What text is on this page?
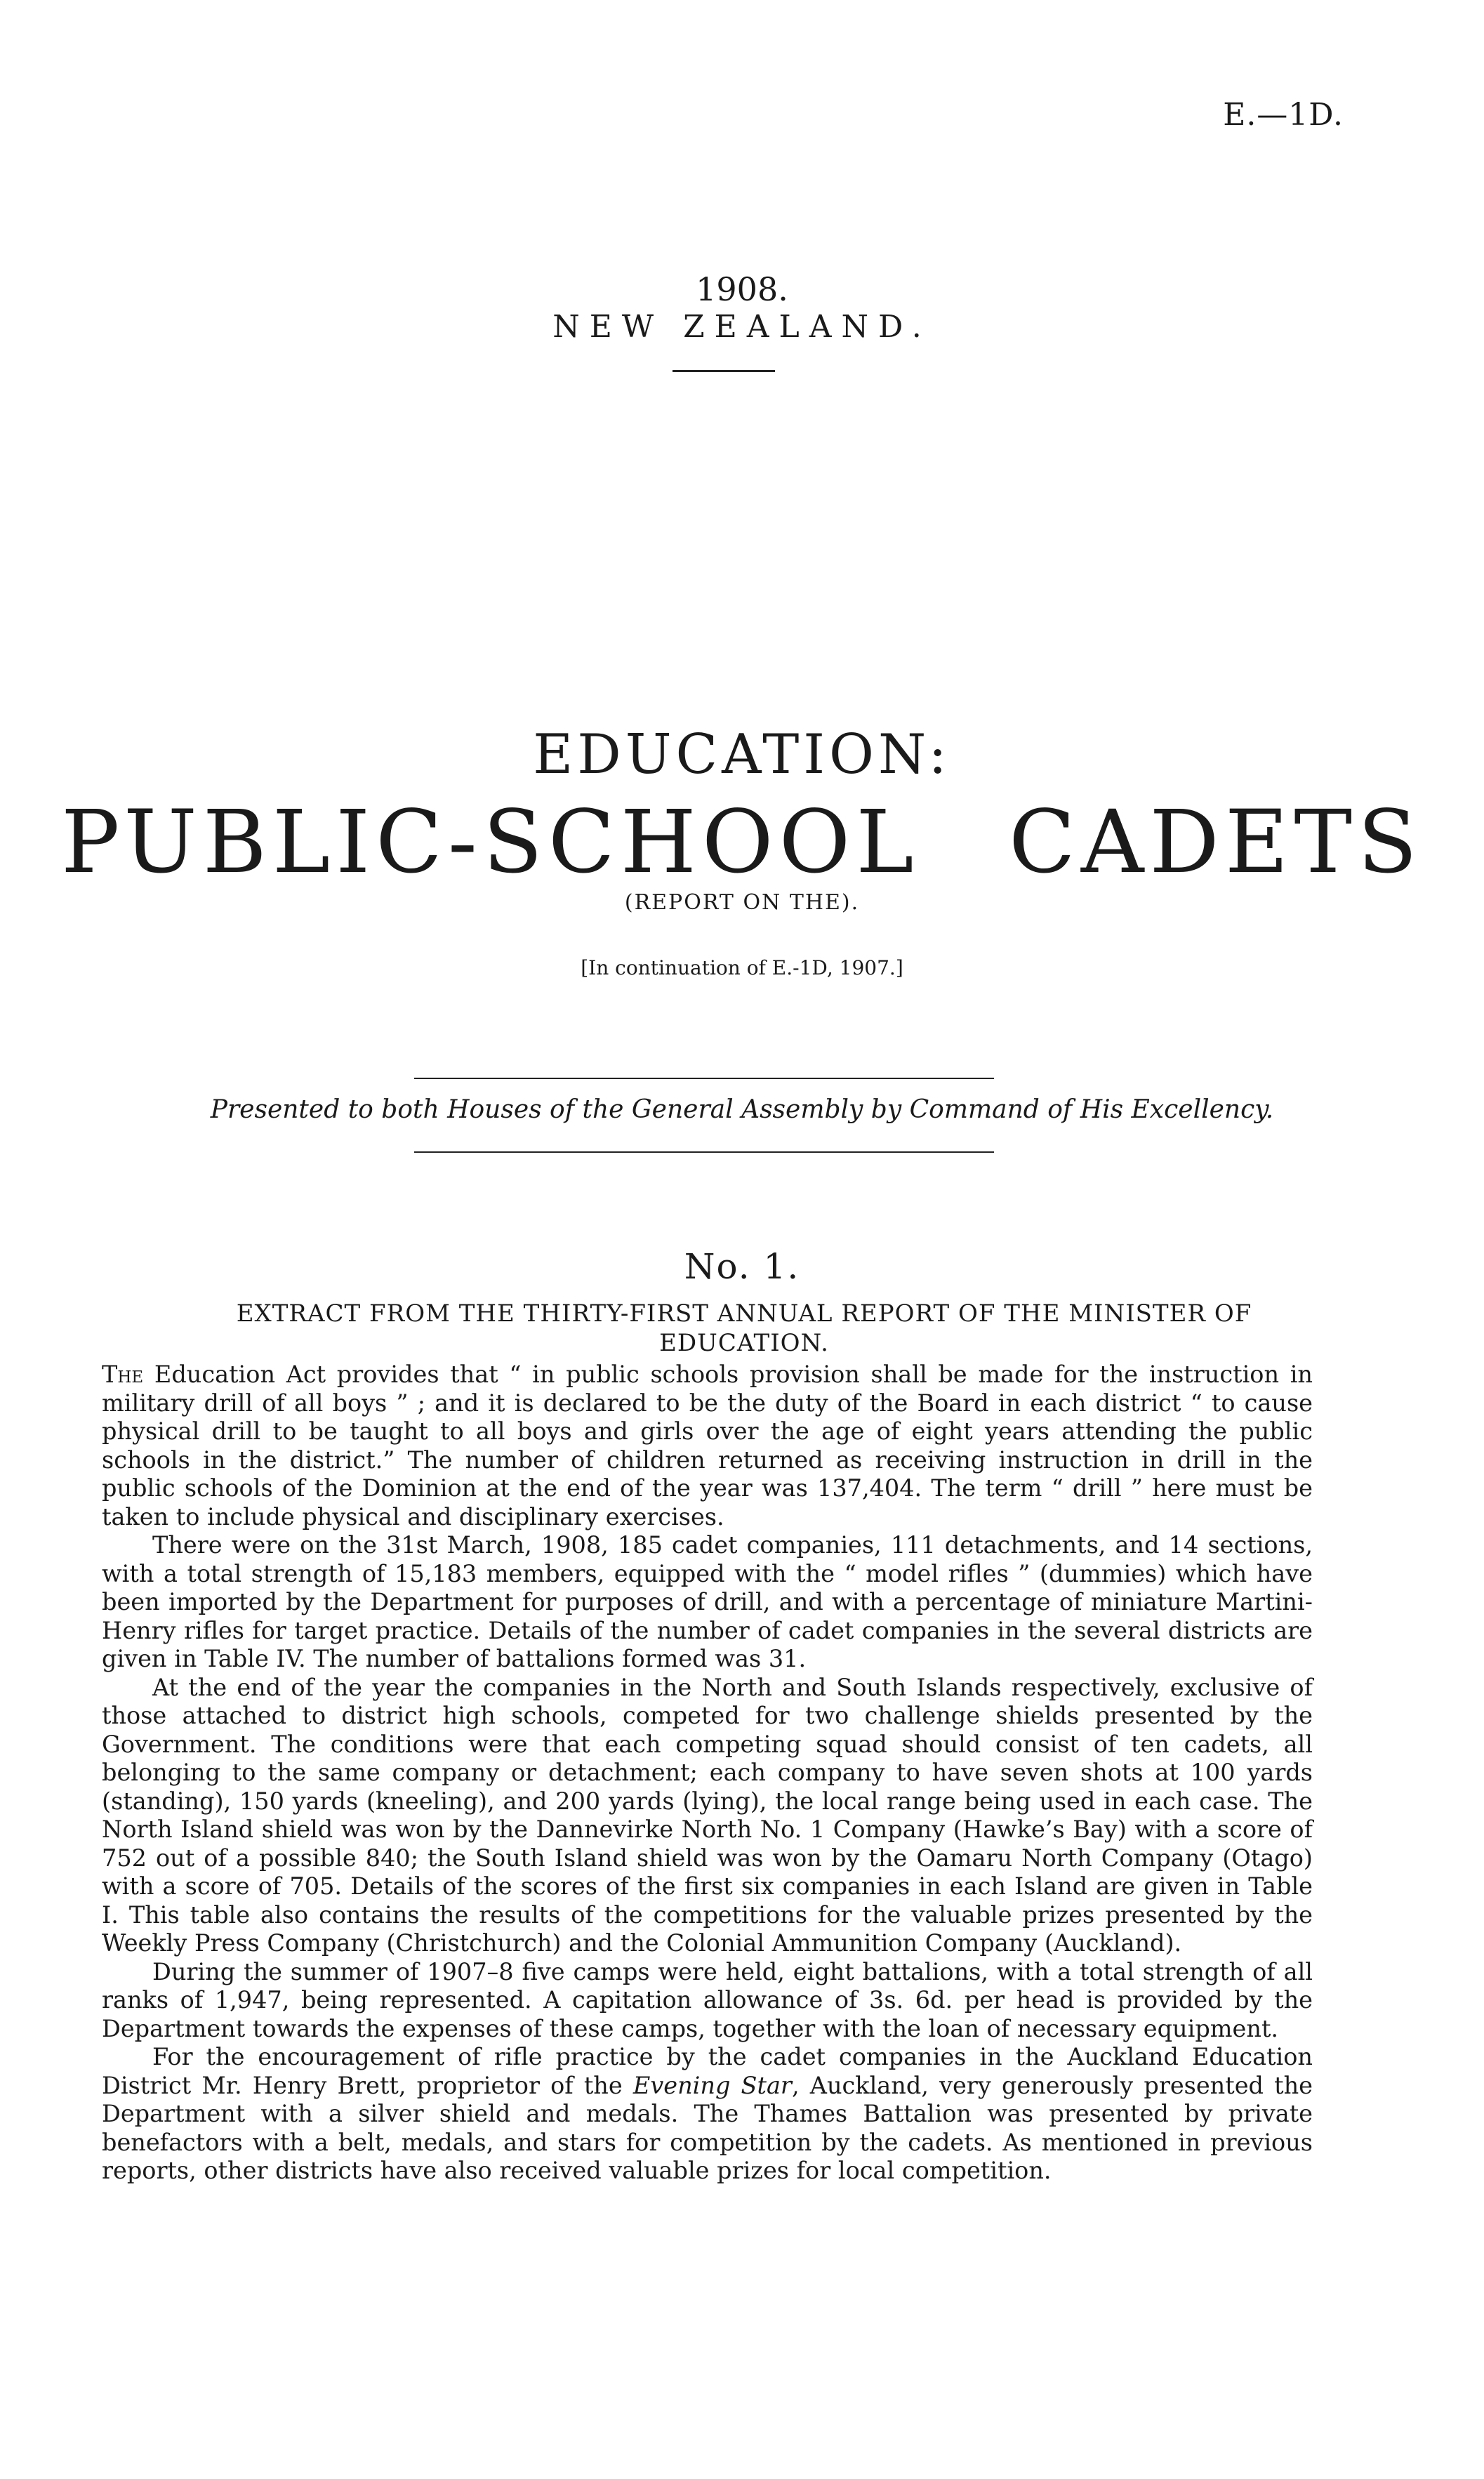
E.—1D.
1908.
NEW ZEALAND.
EDUCATION:
PUBLIC-SCHOOL CADETS
(REPORT ON THE).
[In continuation of E.-1D, 1907.]
Presented to both Houses of the General Assembly by Command of His Excellency.
No. 1.
EXTRACT FROM THE THIRTY-FIRST ANNUAL REPORT OF THE MINISTER OF EDUCATION.

The Education Act provides that “ in public schools provision shall be made for the instruction in military drill of all boys ” ; and it is declared to be the duty of the Board in each district “ to cause physical drill to be taught to all boys and girls over the age of eight years attending the public schools in the district.” The number of children returned as receiving instruction in drill in the public schools of the Dominion at the end of the year was 137,404. The term “ drill ” here must be taken to include physical and disciplinary exercises.

There were on the 31st March, 1908, 185 cadet companies, 111 detachments, and 14 sections, with a total strength of 15,183 members, equipped with the “ model rifles ” (dummies) which have been imported by the Department for purposes of drill, and with a percentage of miniature Martini-Henry rifles for target practice. Details of the number of cadet companies in the several districts are given in Table IV. The number of battalions formed was 31.

At the end of the year the companies in the North and South Islands respectively, exclusive of those attached to district high schools, competed for two challenge shields presented by the Government. The conditions were that each competing squad should consist of ten cadets, all belonging to the same company or detachment; each company to have seven shots at 100 yards (standing), 150 yards (kneeling), and 200 yards (lying), the local range being used in each case. The North Island shield was won by the Dannevirke North No. 1 Company (Hawke’s Bay) with a score of 752 out of a possible 840; the South Island shield was won by the Oamaru North Company (Otago) with a score of 705. Details of the scores of the first six companies in each Island are given in Table I. This table also contains the results of the competitions for the valuable prizes presented by the Weekly Press Company (Christchurch) and the Colonial Ammunition Company (Auckland).

During the summer of 1907–8 five camps were held, eight battalions, with a total strength of all ranks of 1,947, being represented. A capitation allowance of 3s. 6d. per head is provided by the Department towards the expenses of these camps, together with the loan of necessary equipment.

For the encouragement of rifle practice by the cadet companies in the Auckland Education District Mr. Henry Brett, proprietor of the Evening Star, Auckland, very generously presented the Department with a silver shield and medals. The Thames Battalion was presented by private benefactors with a belt, medals, and stars for competition by the cadets. As mentioned in previous reports, other districts have also received valuable prizes for local competition.
